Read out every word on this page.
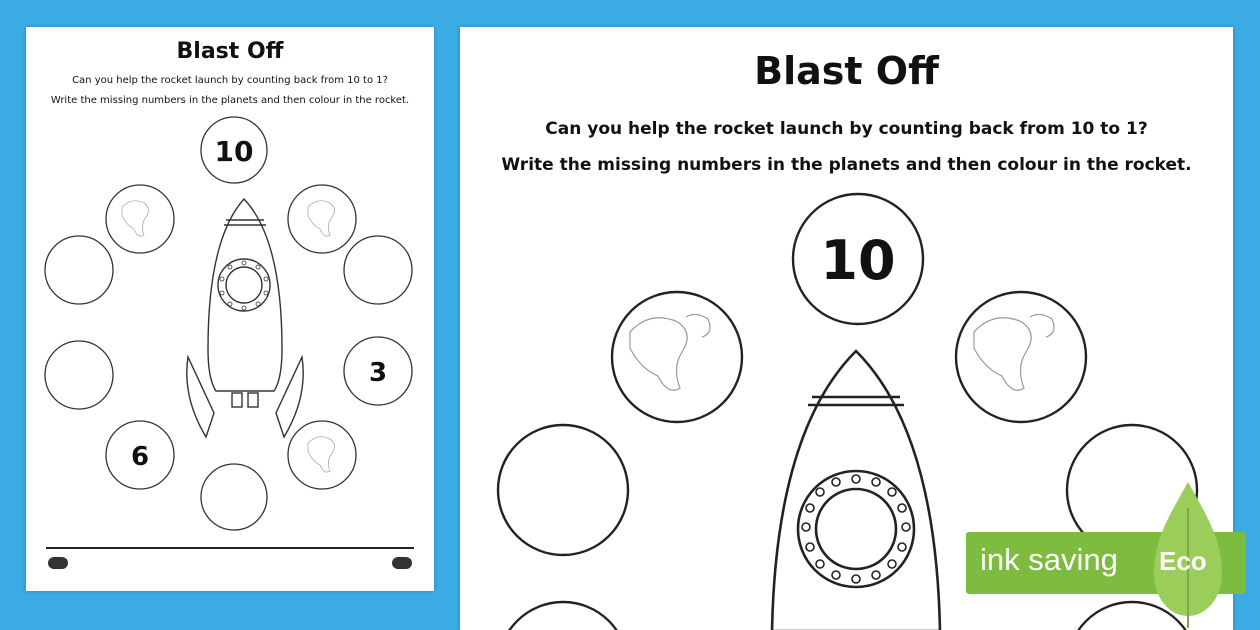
Blast Off
Can you help the rocket launch by counting back from 10 to 1?
Write the missing numbers in the planets and then colour in the rocket.
10
3
6
Blast Off
Can you help the rocket launch by counting back from 10 to 1?
Write the missing numbers in the planets and then colour in the rocket.
10
ink saving Eco
